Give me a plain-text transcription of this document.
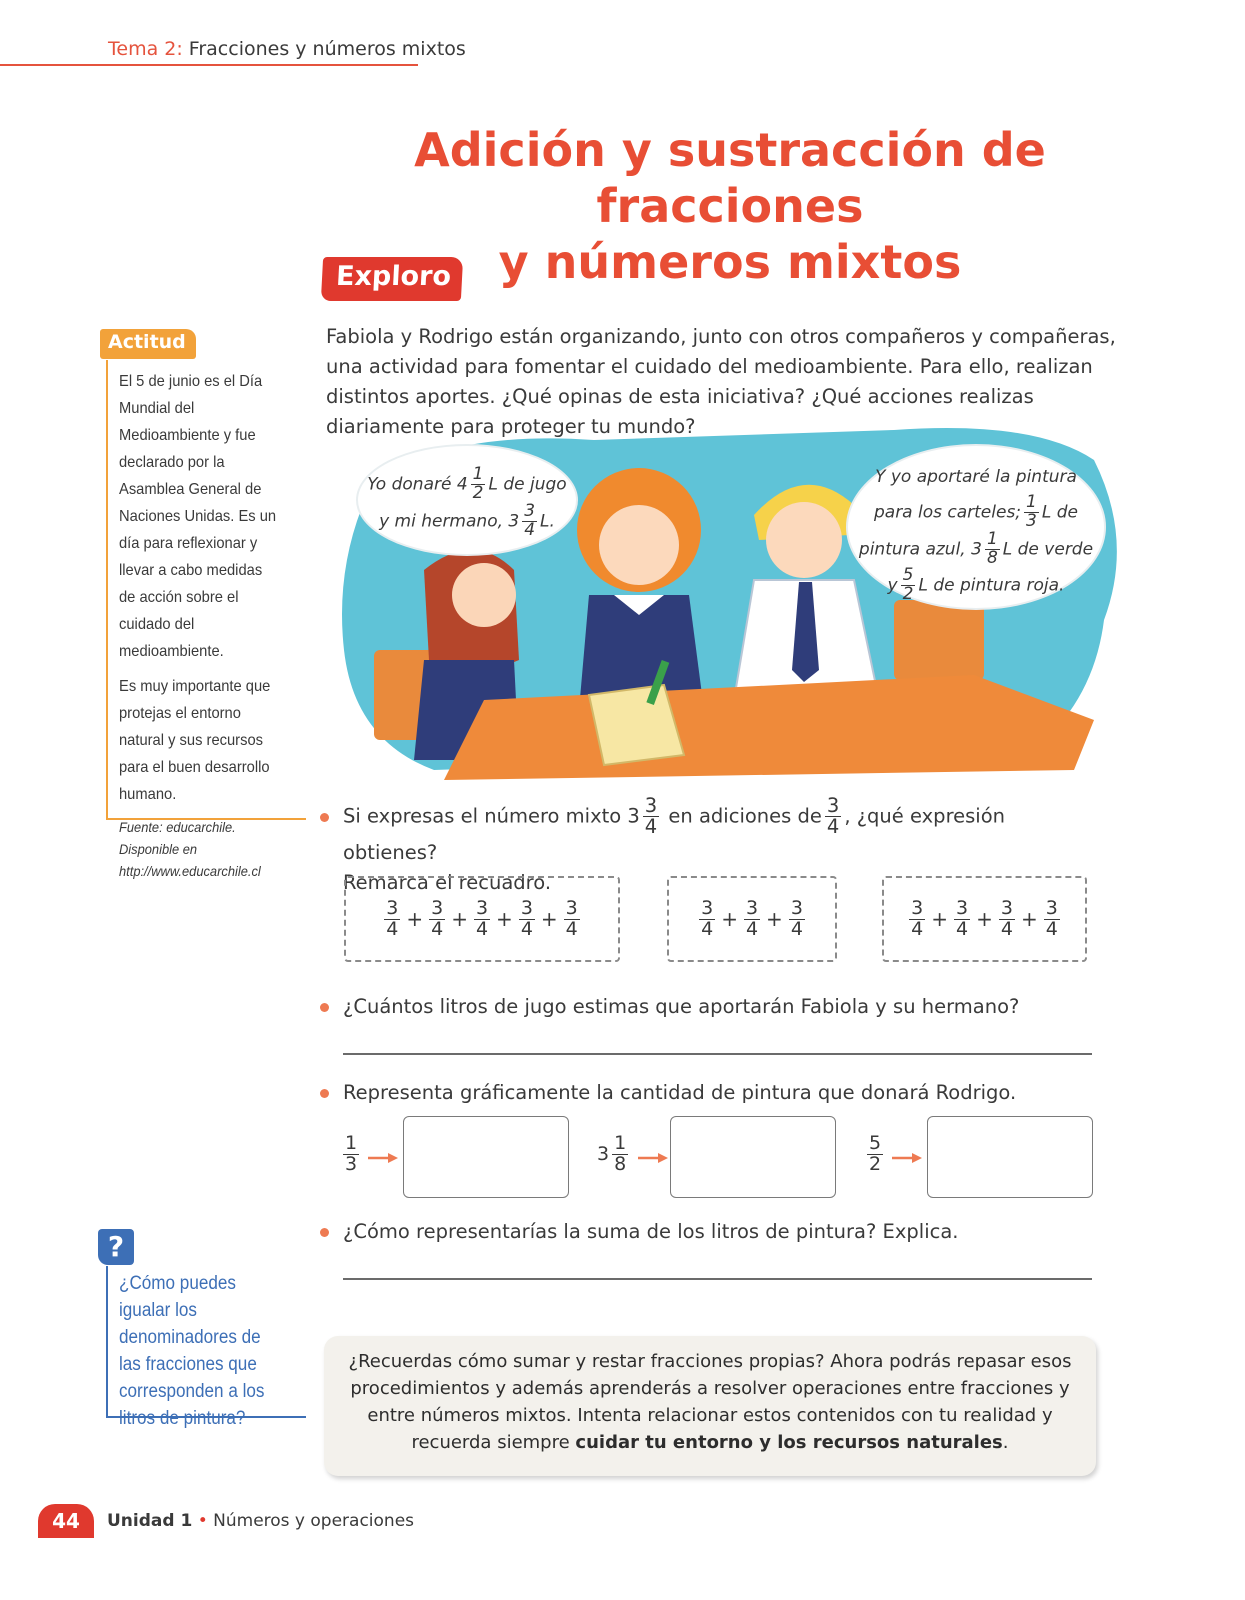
Tema 2: Fracciones y números mixtos
Adición y sustracción de fracciones
y números mixtos
Exploro
Fabiola y Rodrigo están organizando, junto con otros compañeros y compañeras, una actividad para fomentar el cuidado del medioambiente. Para ello, realizan distintos aportes. ¿Qué opinas de esta iniciativa? ¿Qué acciones realizas diariamente para proteger tu mundo?
Actitud

El 5 de junio es el Día Mundial del Medioambiente y fue declarado por la Asamblea General de Naciones Unidas. Es un día para reflexionar y llevar a cabo medidas de acción sobre el cuidado del medioambiente.

Es muy importante que protejas el entorno natural y sus recursos para el buen desarrollo humano.

Fuente: educarchile. Disponible en http://www.educarchile.cl

Yo donaré $4 \frac{1}{2}$ L de jugo
y mi hermano, $3 \frac{3}{4} L$.
Y yo aportaré la pintura
para los carteles; $\frac{1}{3}$ L de
pintura azul, $3 \frac{1}{8}$ L de verde
y $\frac{5}{2}$ L de pintura roja.
Si expresas el número mixto $3 \frac{3}{4}$ en adiciones de $\frac{3}{4}$ , ¿qué expresión obtienes?
Remarca el recuadro.
$\frac{3}{4} + \frac{3}{4} + \frac{3}{4} + \frac{3}{4} + \frac{3}{4}$	$\frac{3}{4} + \frac{3}{4} + \frac{3}{4}$	$\frac{3}{4} + \frac{3}{4} + \frac{3}{4} + \frac{3}{4}$
¿Cuántos litros de jugo estimas que aportarán Fabiola y su hermano?
Representa gráficamente la cantidad de pintura que donará Rodrigo.
$\frac{1}{3}$	$3 \frac{1}{8}$	$\frac{5}{2}$
¿Cómo representarías la suma de los litros de pintura? Explica.
?
¿Cómo puedes igualar los denominadores de las fracciones que corresponden a los litros de pintura?
¿Recuerdas cómo sumar y restar fracciones propias? Ahora podrás repasar esos procedimientos y además aprenderás a resolver operaciones entre fracciones y entre números mixtos. Intenta relacionar estos contenidos con tu realidad y recuerda siempre cuidar tu entorno y los recursos naturales.
44	Unidad 1 • Números y operaciones
